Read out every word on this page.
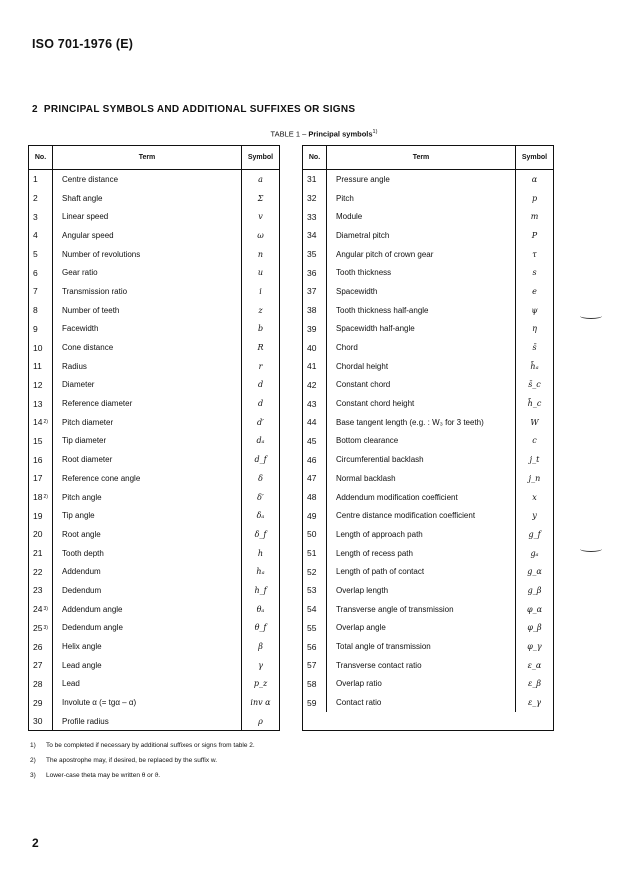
ISO 701-1976 (E)
2 PRINCIPAL SYMBOLS AND ADDITIONAL SUFFIXES OR SIGNS
TABLE 1 – Principal symbols$^{1)}$
No.	Term	Symbol
1	Centre distance	a
2	Shaft angle	Σ
3	Linear speed	v
4	Angular speed	ω
5	Number of revolutions	n
6	Gear ratio	u
7	Transmission ratio	i
8	Number of teeth	z
9	Facewidth	b
10	Cone distance	R
11	Radius	r
12	Diameter	d
13	Reference diameter	d
14 2)	Pitch diameter	d′
15	Tip diameter	dₐ
16	Root diameter	d_f
17	Reference cone angle	δ
18 2)	Pitch angle	δ′
19	Tip angle	δₐ
20	Root angle	δ_f
21	Tooth depth	h
22	Addendum	hₐ
23	Dedendum	h_f
24 3)	Addendum angle	θₐ
25 3)	Dedendum angle	θ_f
26	Helix angle	β
27	Lead angle	γ
28	Lead	p_z
29	Involute α (= tgα – α)	inv α
30	Profile radius	ρ
No.	Term	Symbol
31	Pressure angle	α
32	Pitch	p
33	Module	m
34	Diametral pitch	P
35	Angular pitch of crown gear	τ
36	Tooth thickness	s
37	Spacewidth	e
38	Tooth thickness half-angle	ψ
39	Spacewidth half-angle	η
40	Chord	s̄
41	Chordal height	h̄ₐ
42	Constant chord	s̄_c
43	Constant chord height	h̄_c
44	Base tangent length (e.g. : W₃ for 3 teeth)	W
45	Bottom clearance	c
46	Circumferential backlash	j_t
47	Normal backlash	j_n
48	Addendum modification coefficient	x
49	Centre distance modification coefficient	y
50	Length of approach path	g_f
51	Length of recess path	gₐ
52	Length of path of contact	g_α
53	Overlap length	g_β
54	Transverse angle of transmission	φ_α
55	Overlap angle	φ_β
56	Total angle of transmission	φ_γ
57	Transverse contact ratio	ε_α
58	Overlap ratio	ε_β
59	Contact ratio	ε_γ
1) To be completed if necessary by additional suffixes or signs from table 2.
2) The apostrophe may, if desired, be replaced by the suffix w.
3) Lower-case theta may be written θ or ϑ.
2
